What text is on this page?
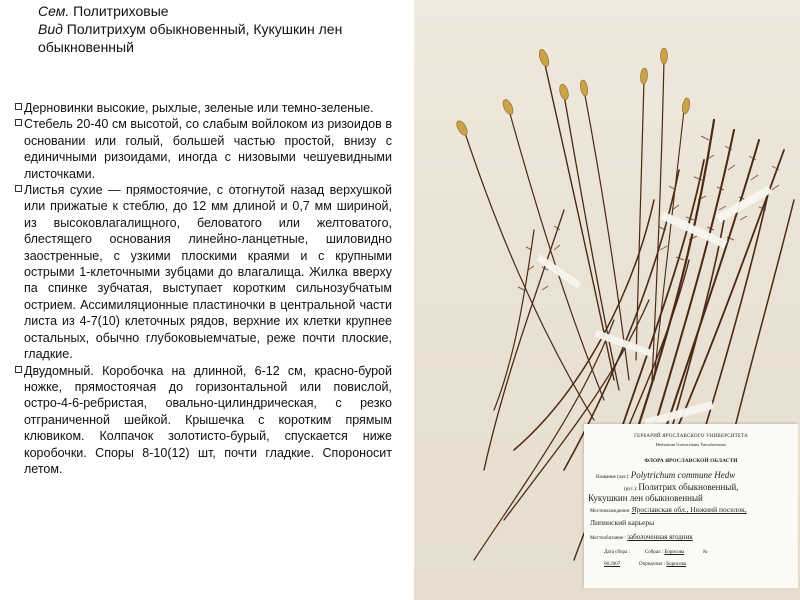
Сем. Политриховые
Вид Политрихум обыкновенный, Кукушкин лен обыкновенный

Дерновинки высокие, рыхлые, зеленые или темно-зеленые.

Стебель 20-40 см высотой, со слабым войлоком из ризоидов в основании или голый, большей частью простой, внизу с единичными ризоидами, иногда с низовыми чешуевидными листочками.

Листья сухие — прямостоячие, с отогнутой назад верхушкой или прижатые к стеблю, до 12 мм длиной и 0,7 мм шириной, из высоковлагалищного, беловатого или желтоватого, блестящего основания линейно-ланцетные, шиловидно заостренные, с узкими плоскими краями и с крупными острыми 1-клеточными зубцами до влагалища. Жилка вверху па спинке зубчатая, выступает коротким сильнозубчатым острием. Ассимиляционные пластиночки в центральной части листа из 4-7(10) клеточных рядов, верхние их клетки крупнее остальных, обычно глубоковыемчатые, реже почти плоские, гладкие.

Двудомный. Коробочка на длинной, 6-12 см, красно-бурой ножке, прямостоячая до горизонтальной или повислой, остро-4-6-ребристая, овально-цилиндрическая, с резко отграниченной шейкой. Крышечка с коротким прямым клювиком. Колпачок золотисто-бурый, спускается ниже коробочки. Споры 8-10(12) шт, почти гладкие. Спороносит летом.

ГЕРБАРИЙ ЯРОСЛАВСКОГО УНИВЕРСИТЕТА
Herbarium Universitatis Yaroslaviensis
ФЛОРА ЯРОСЛАВСКОЙ ОБЛАСТИ
Название (лат.): Polytrichum commune Hedw
(рус.): Политрих обыкновенный,
Кукушкин лен обыкновенный
Местонахождение: Ярославская обл., Нижний поселок,
Липинский карьеры
Местообитание : заболоченная ягодник
Дата сбора :	Собрал : Борисова	№
08.2007	Определил : Борисова
